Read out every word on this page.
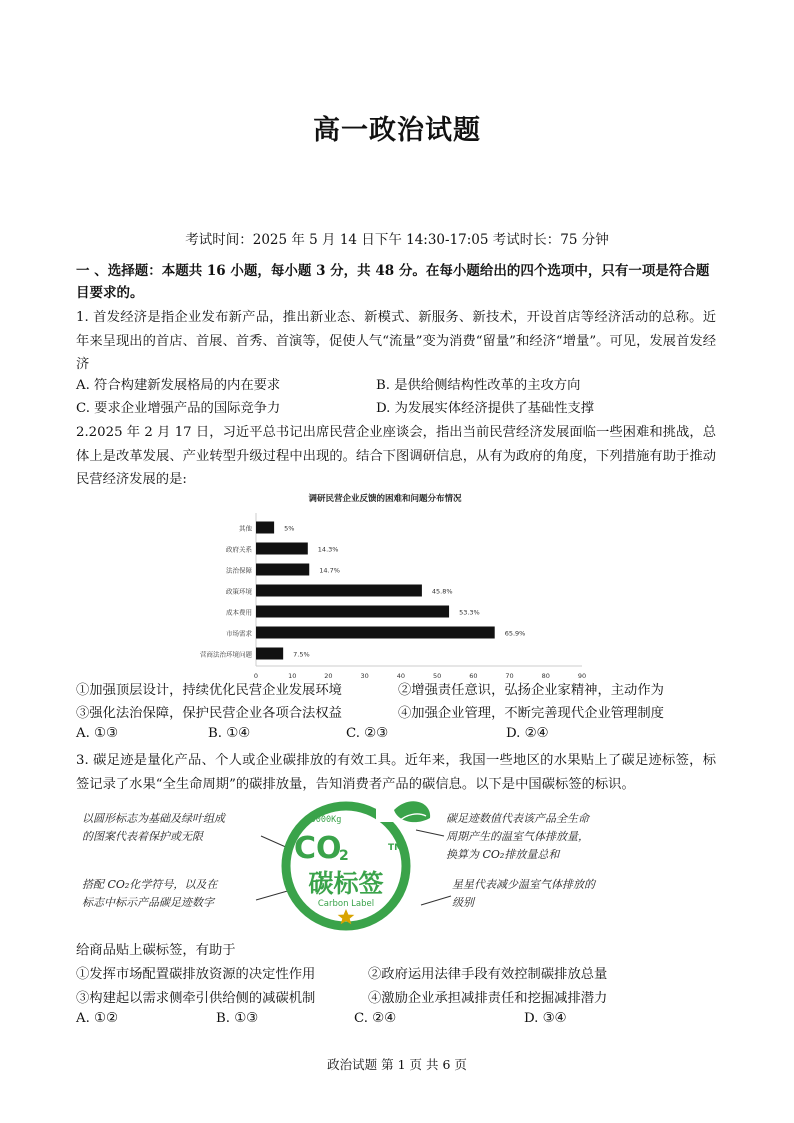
高一政治试题
考试时间：2025 年 5 月 14 日下午 14:30-17:05 考试时长：75 分钟
一 、选择题：本题共 16 小题，每小题 3 分，共 48 分。在每小题给出的四个选项中，只有一项是符合题目要求的。
1. 首发经济是指企业发布新产品，推出新业态、新模式、新服务、新技术，开设首店等经济活动的总称。近年来呈现出的首店、首展、首秀、首演等，促使人气“流量”变为消费“留量”和经济“增量”。可见，发展首发经济
A. 符合构建新发展格局的内在要求	B. 是供给侧结构性改革的主攻方向
C. 要求企业增强产品的国际竞争力	D. 为发展实体经济提供了基础性支撑
2.2025 年 2 月 17 日，习近平总书记出席民营企业座谈会，指出当前民营经济发展面临一些困难和挑战，总体上是改革发展、产业转型升级过程中出现的。结合下图调研信息，从有为政府的角度，下列措施有助于推动民营经济发展的是:
调研民营企业反馈的困难和问题分布情况
其他	5%
政府关系	14.3%
法治保障	14.7%
政策环境	45.8%
成本费用	53.3%
市场需求	65.9%
营商法治环境问题	7.5%
0	10	20	30	40	50	60	70	80	90
①加强顶层设计，持续优化民营企业发展环境	②增强责任意识，弘扬企业家精神，主动作为
③强化法治保障，保护民营企业各项合法权益	④加强企业管理，不断完善现代企业管理制度
A. ①③	B. ①④	C. ②③	D. ②④
3. 碳足迹是量化产品、个人或企业碳排放的有效工具。近年来，我国一些地区的水果贴上了碳足迹标签，标签记录了水果“全生命周期”的碳排放量，告知消费者产品的碳信息。以下是中国碳标签的标识。
以圆形标志为基础及绿叶组成
的图案代表着保护或无限
搭配 CO₂化学符号，以及在
标志中标示产品碳足迹数字
碳足迹数值代表该产品全生命
周期产生的温室气体排放量，
换算为 CO₂排放量总和
星星代表减少温室气体排放的
级别
0000Kg
CO
2	TM
碳标签
Carbon Label
给商品贴上碳标签，有助于
①发挥市场配置碳排放资源的决定性作用	②政府运用法律手段有效控制碳排放总量
③构建起以需求侧牵引供给侧的减碳机制	④激励企业承担减排责任和挖掘减排潜力
A. ①②	B. ①③	C. ②④	D. ③④
政治试题 第 1 页 共 6 页
